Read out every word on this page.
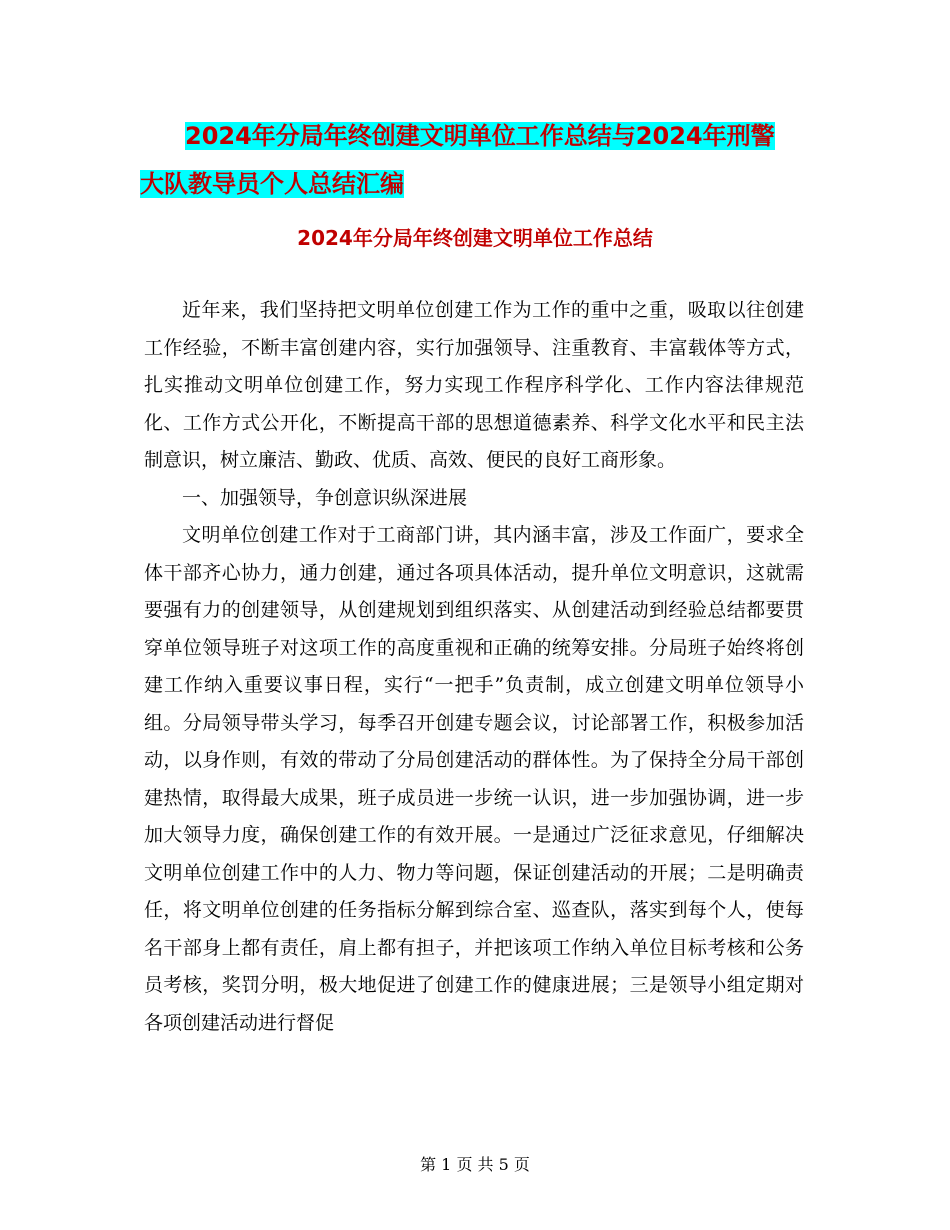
2024年分局年终创建文明单位工作总结与2024年刑警
大队教导员个人总结汇编
2024年分局年终创建文明单位工作总结

近年来，我们坚持把文明单位创建工作为工作的重中之重，吸取以往创建工作经验，不断丰富创建内容，实行加强领导、注重教育、丰富载体等方式，扎实推动文明单位创建工作，努力实现工作程序科学化、工作内容法律规范化、工作方式公开化，不断提高干部的思想道德素养、科学文化水平和民主法制意识，树立廉洁、勤政、优质、高效、便民的良好工商形象。

一、加强领导，争创意识纵深进展

文明单位创建工作对于工商部门讲，其内涵丰富，涉及工作面广，要求全体干部齐心协力，通力创建，通过各项具体活动，提升单位文明意识，这就需要强有力的创建领导，从创建规划到组织落实、从创建活动到经验总结都要贯穿单位领导班子对这项工作的高度重视和正确的统筹安排。分局班子始终将创建工作纳入重要议事日程，实行“一把手”负责制，成立创建文明单位领导小组。分局领导带头学习，每季召开创建专题会议，讨论部署工作，积极参加活动，以身作则，有效的带动了分局创建活动的群体性。为了保持全分局干部创建热情，取得最大成果，班子成员进一步统一认识，进一步加强协调，进一步加大领导力度，确保创建工作的有效开展。一是通过广泛征求意见，仔细解决文明单位创建工作中的人力、物力等问题，保证创建活动的开展；二是明确责任，将文明单位创建的任务指标分解到综合室、巡查队，落实到每个人，使每名干部身上都有责任，肩上都有担子，并把该项工作纳入单位目标考核和公务员考核，奖罚分明，极大地促进了创建工作的健康进展；三是领导小组定期对各项创建活动进行督促

第 1 页 共 5 页
